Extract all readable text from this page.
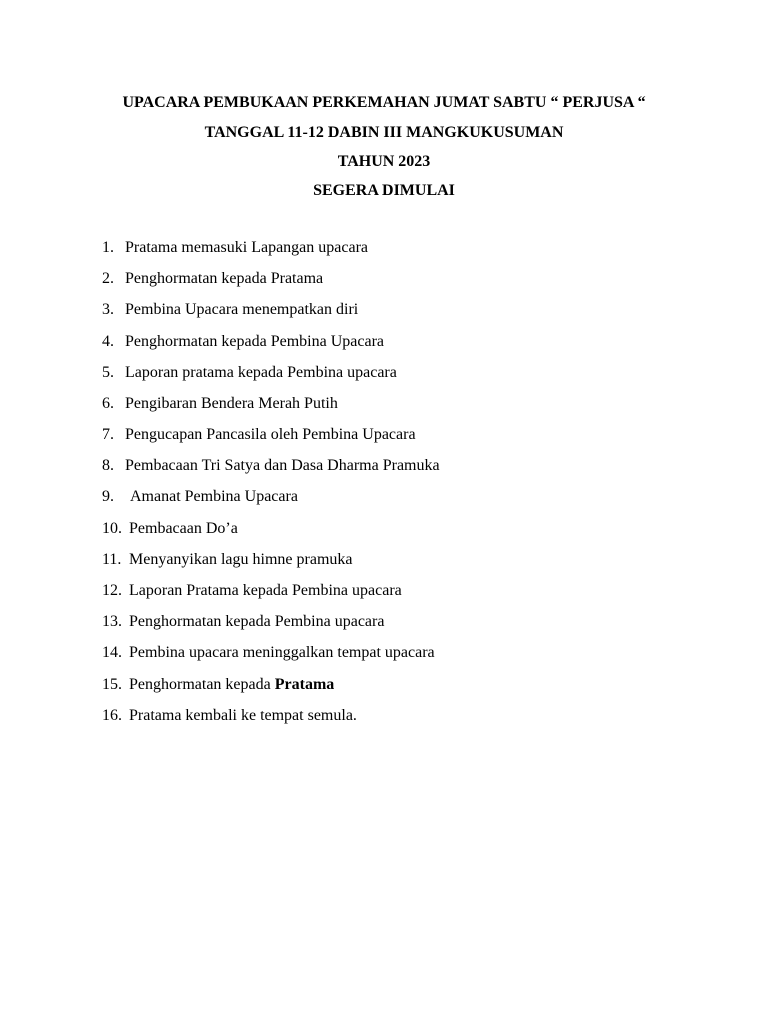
UPACARA PEMBUKAAN PERKEMAHAN JUMAT SABTU “ PERJUSA “
TANGGAL 11-12 DABIN III MANGKUKUSUMAN
TAHUN 2023
SEGERA DIMULAI
1. Pratama memasuki Lapangan upacara
2. Penghormatan kepada Pratama
3. Pembina Upacara menempatkan diri
4. Penghormatan kepada Pembina Upacara
5. Laporan pratama kepada Pembina upacara
6. Pengibaran Bendera Merah Putih
7. Pengucapan Pancasila oleh Pembina Upacara
8. Pembacaan Tri Satya dan Dasa Dharma Pramuka
9. Amanat Pembina Upacara
10. Pembacaan Do’a
11. Menyanyikan lagu himne pramuka
12. Laporan Pratama kepada Pembina upacara
13. Penghormatan kepada Pembina upacara
14. Pembina upacara meninggalkan tempat upacara
15. Penghormatan kepada Pratama
16. Pratama kembali ke tempat semula.
